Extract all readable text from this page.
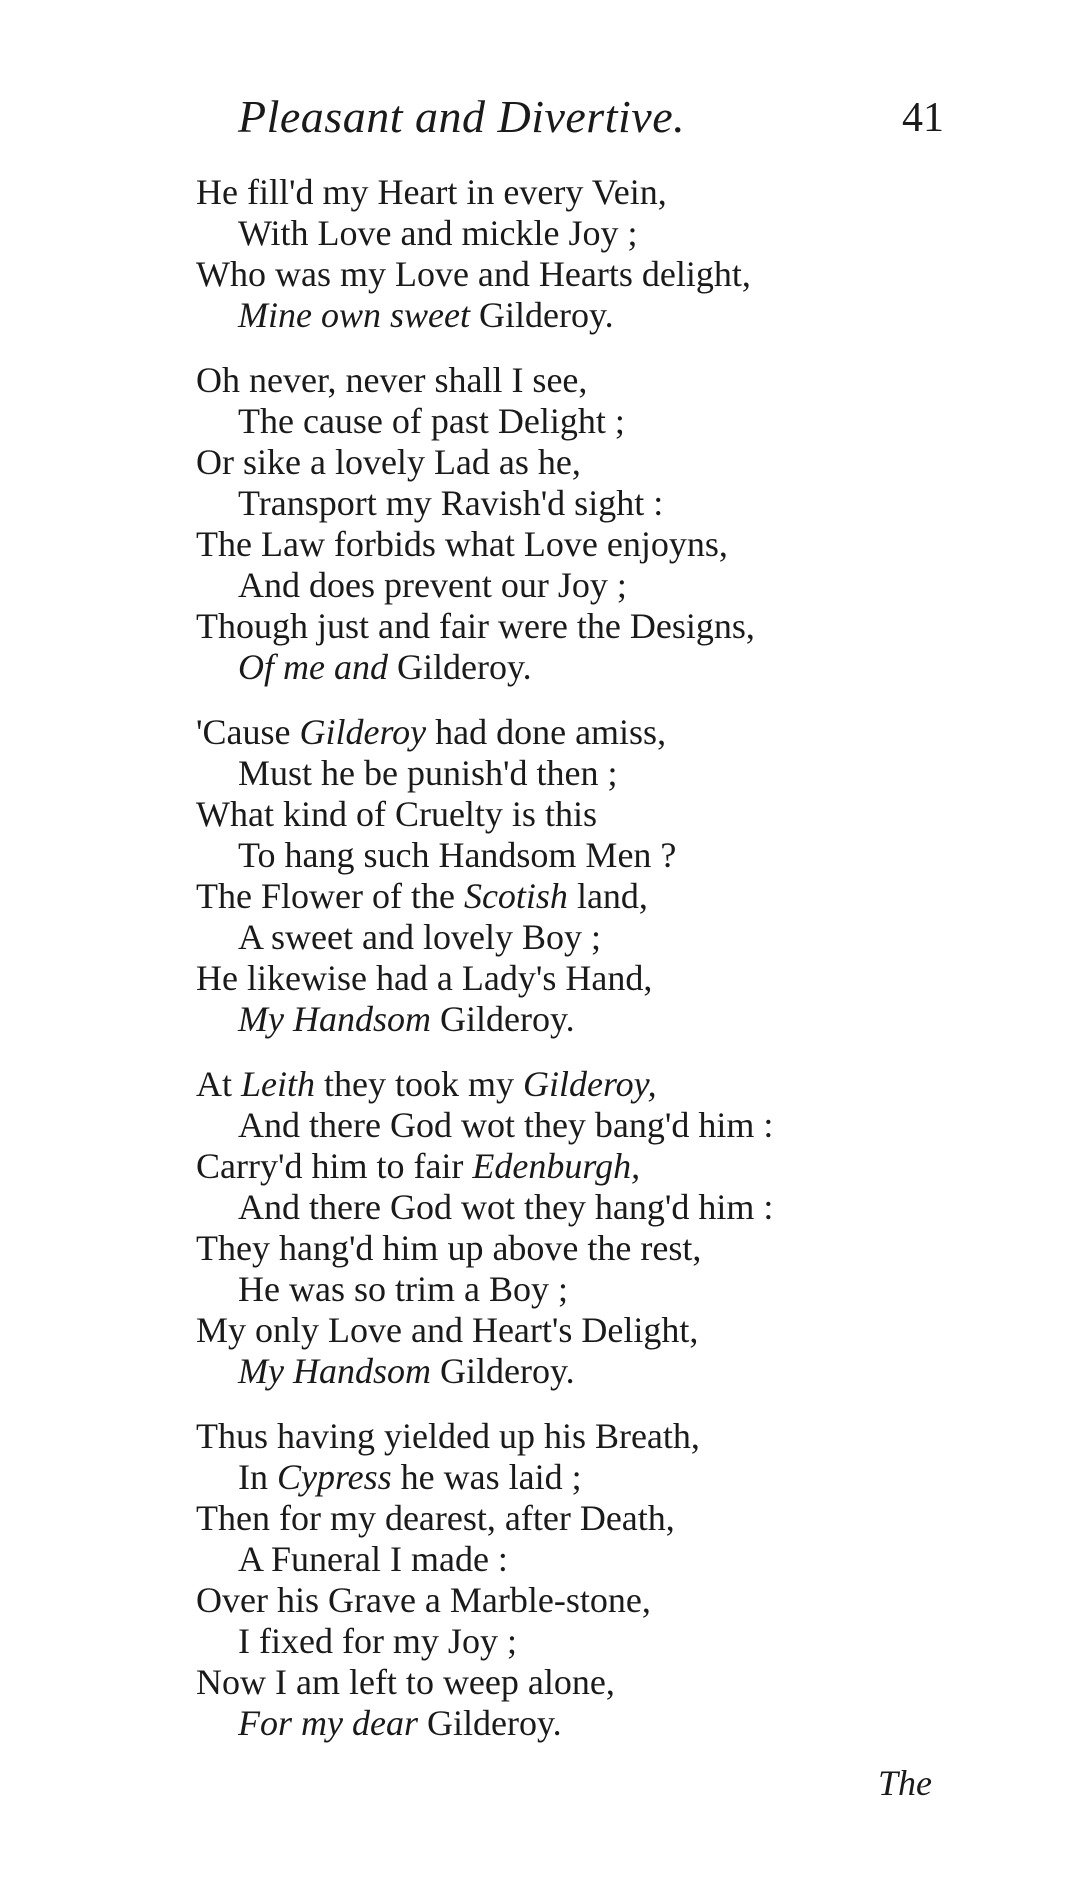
Pleasant and Divertive.	41
He fill'd my Heart in every Vein,
With Love and mickle Joy ;
Who was my Love and Hearts delight,
Mine own sweet Gilderoy.
Oh never, never shall I see,
The cause of past Delight ;
Or sike a lovely Lad as he,
Transport my Ravish'd sight :
The Law forbids what Love enjoyns,
And does prevent our Joy ;
Though just and fair were the Designs,
Of me and Gilderoy.
'Cause Gilderoy had done amiss,
Must he be punish'd then ;
What kind of Cruelty is this
To hang such Handsom Men ?
The Flower of the Scotish land,
A sweet and lovely Boy ;
He likewise had a Lady's Hand,
My Handsom Gilderoy.
At Leith they took my Gilderoy,
And there God wot they bang'd him :
Carry'd him to fair Edenburgh,
And there God wot they hang'd him :
They hang'd him up above the rest,
He was so trim a Boy ;
My only Love and Heart's Delight,
My Handsom Gilderoy.
Thus having yielded up his Breath,
In Cypress he was laid ;
Then for my dearest, after Death,
A Funeral I made :
Over his Grave a Marble-stone,
I fixed for my Joy ;
Now I am left to weep alone,
For my dear Gilderoy.
The
